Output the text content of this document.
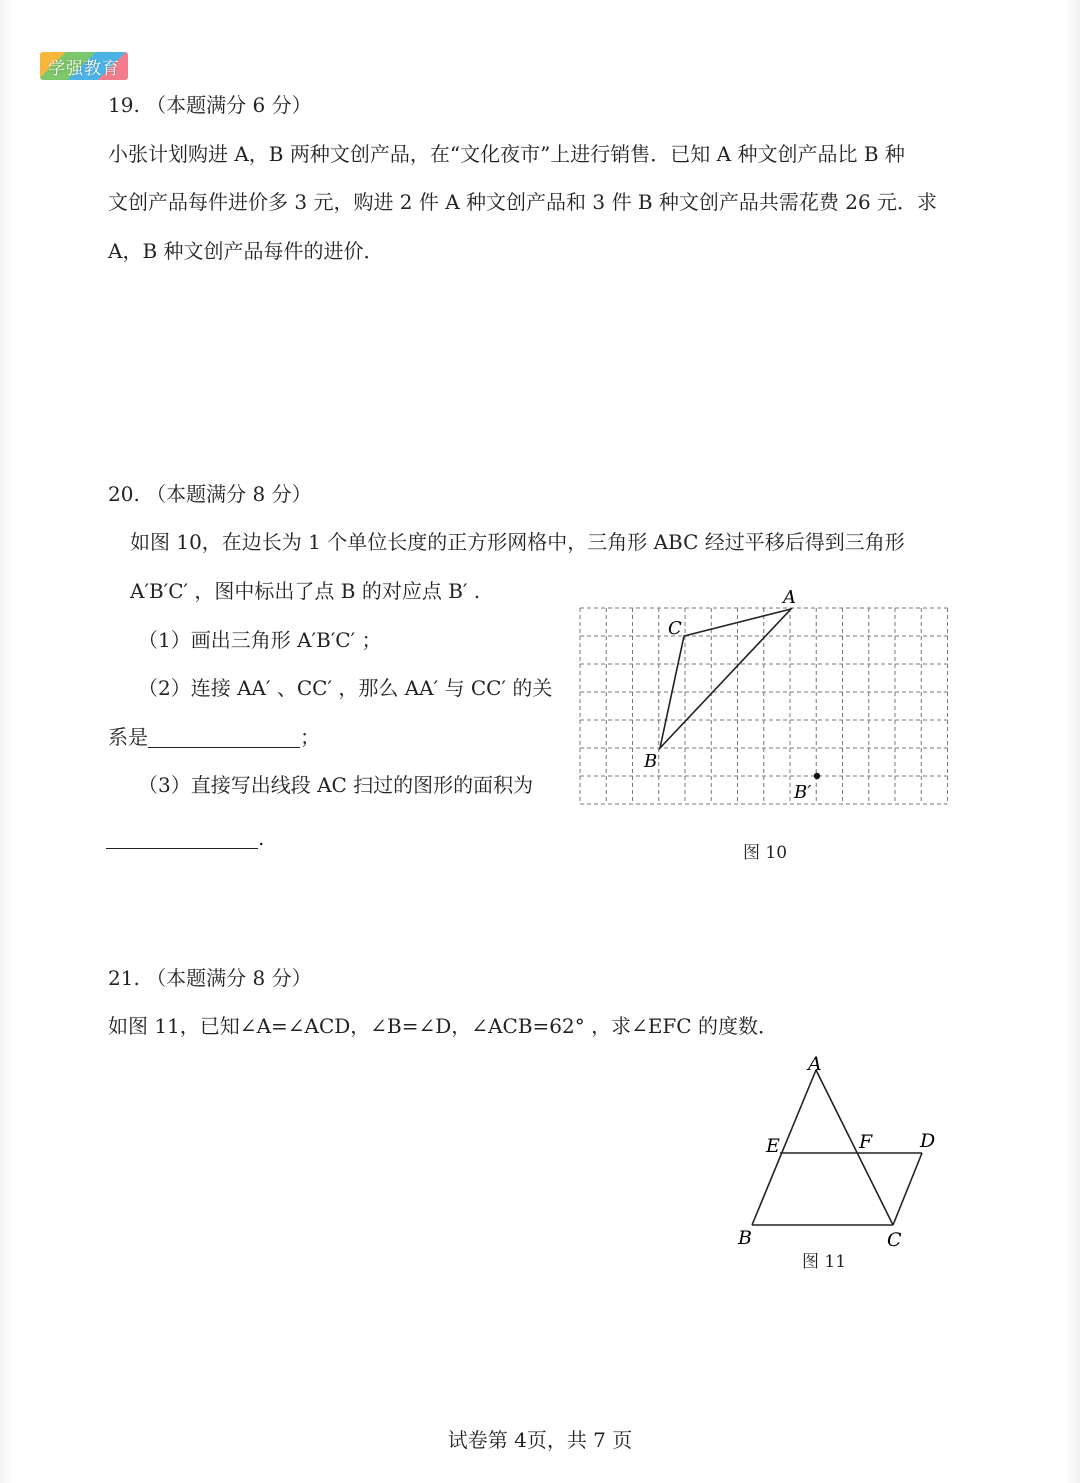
学强教育
19. （本题满分 6 分）
小张计划购进 A，B 两种文创产品，在“文化夜市”上进行销售．已知 A 种文创产品比 B 种
文创产品每件进价多 3 元，购进 2 件 A 种文创产品和 3 件 B 种文创产品共需花费 26 元．求
A，B 种文创产品每件的进价．
20. （本题满分 8 分）
如图 10，在边长为 1 个单位长度的正方形网格中，三角形 ABC 经过平移后得到三角形
A′B′C′ ，图中标出了点 B 的对应点 B′ .
（1）画出三角形 A′B′C′ ；
（2）连接 AA′ 、CC′ ，那么 AA′ 与 CC′ 的关
系是	；
（3）直接写出线段 AC 扫过的图形的面积为
.
A
C
B
B′
图 10
21. （本题满分 8 分）
如图 11，已知∠A=∠ACD，∠B=∠D，∠ACB=62° ，求∠EFC 的度数．
A
E	F	D
B	C
图 11
试卷第 4页，共 7 页
